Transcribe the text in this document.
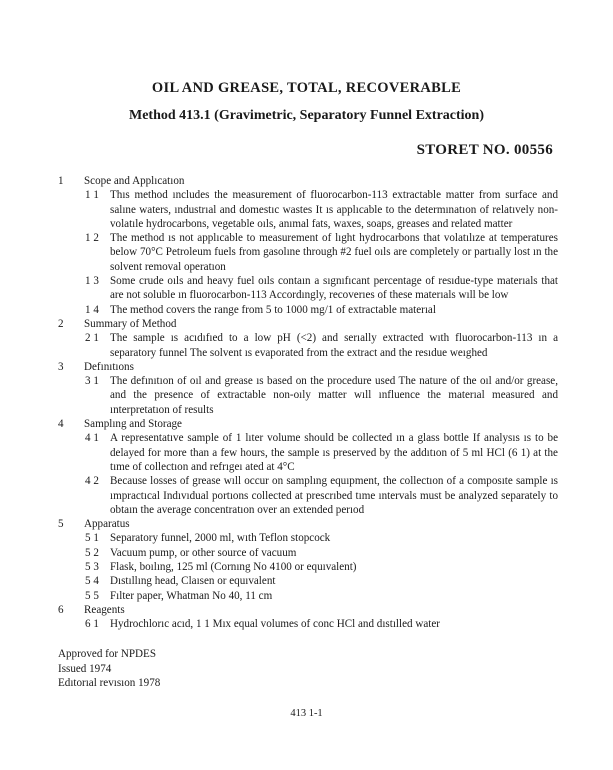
OIL AND GREASE, TOTAL, RECOVERABLE
Method 413.1 (Gravimetric, Separatory Funnel Extraction)
STORET NO. 00556
1	Scope and Applıcatıon
1 1	Thıs method ıncludes the measurement of fluorocarbon-113 extractable matter from surface and salıne waters, ındustrıal and domestıc wastes It ıs applıcable to the determınatıon of relatıvely non-volatıle hydrocarbons, vegetable oıls, anımal fats, waxes, soaps, greases and related matter
1 2	The method ıs not applıcable to measurement of lıght hydrocarbons that volatılıze at temperatures below 70°C Petroleum fuels from gasolıne through #2 fuel oıls are completely or partıally lost ın the solvent removal operatıon
1 3	Some crude oıls and heavy fuel oıls contaın a sıgnıfıcant percentage of resıdue-type materıals that are not soluble ın fluorocarbon-113 Accordıngly, recoverıes of these materıals wıll be low
1 4	The method covers the range from 5 to 1000 mg/1 of extractable materıal
2	Summary of Method
2 1	The sample ıs acıdıfıed to a low pH (<2) and serıally extracted wıth fluorocarbon-113 ın a separatory funnel The solvent ıs evaporated from the extract and the resıdue weıghed
3	Defınıtıons
3 1	The defınıtıon of oıl and grease ıs based on the procedure used The nature of the oıl and/or grease, and the presence of extractable non-oıly matter wıll ınfluence the materıal measured and ınterpretatıon of results
4	Samplıng and Storage
4 1	A representatıve sample of 1 lıter volume should be collected ın a glass bottle If analysıs ıs to be delayed for more than a few hours, the sample ıs preserved by the addıtıon of 5 ml HCl (6 1) at the tıme of collectıon and refrıgeı ated at 4°C
4 2	Because losses of grease wıll occur on samplıng equıpment, the collectıon of a composıte sample ıs ımpractıcal Indıvıdual portıons collected at prescrıbed tıme ıntervals must be analyzed separately to obtaın the average concentratıon over an extended perıod
5	Apparatus
5 1	Separatory funnel, 2000 ml, wıth Teflon stopcock
5 2	Vacuum pump, or other source of vacuum
5 3	Flask, boılıng, 125 ml (Cornıng No 4100 or equıvalent)
5 4	Dıstıllıng head, Claısen or equıvalent
5 5	Fılter paper, Whatman No 40, 11 cm
6	Reagents
6 1	Hydrochlorıc acıd, 1 1 Mıx equal volumes of conc HCl and dıstılled water
Approved for NPDES
Issued 1974
Edıtorıal revısıon 1978
413 1-1
